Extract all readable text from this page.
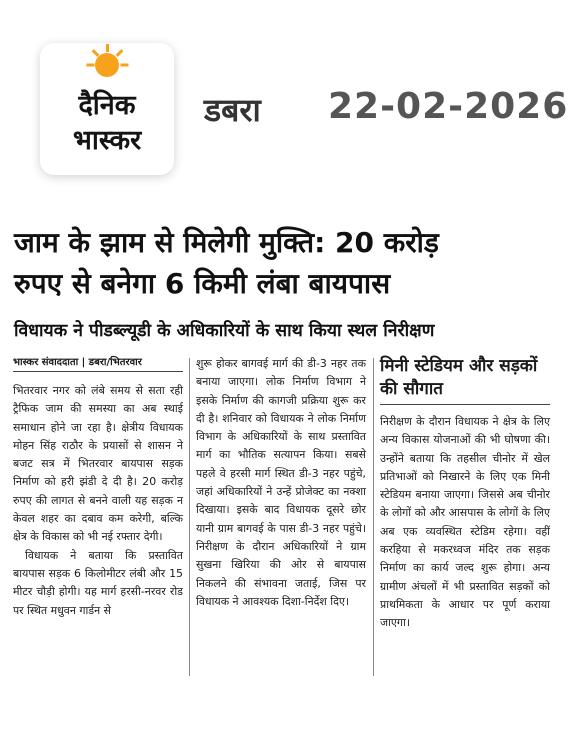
दैनिक
भास्कर
डबरा 22-02-2026
जाम के झाम से मिलेगी मुक्ति: 20 करोड़
रुपए से बनेगा 6 किमी लंबा बायपास
विधायक ने पीडब्ल्यूडी के अधिकारियों के साथ किया स्थल निरीक्षण
भास्कर संवाददाता | डबरा/भितरवार

भितरवार नगर को लंबे समय से सता रही ट्रैफिक जाम की समस्या का अब स्थाई समाधान होने जा रहा है। क्षेत्रीय विधायक मोहन सिंह राठौर के प्रयासों से शासन ने बजट सत्र में भितरवार बायपास सड़क निर्माण को हरी झंडी दे दी है। 20 करोड़ रुपए की लागत से बनने वाली यह सड़क न केवल शहर का दबाव कम करेगी, बल्कि क्षेत्र के विकास को भी नई रफ्तार देगी।

विधायक ने बताया कि प्रस्तावित बायपास सड़क 6 किलोमीटर लंबी और 15 मीटर चौड़ी होगी। यह मार्ग हरसी-नरवर रोड पर स्थित मधुवन गार्डन से

शुरू होकर बागवई मार्ग की डी-3 नहर तक बनाया जाएगा। लोक निर्माण विभाग ने इसके निर्माण की कागजी प्रक्रिया शुरू कर दी है। शनिवार को विधायक ने लोक निर्माण विभाग के अधिकारियों के साथ प्रस्तावित मार्ग का भौतिक सत्यापन किया। सबसे पहले वे हरसी मार्ग स्थित डी-3 नहर पहुंचे, जहां अधिकारियों ने उन्हें प्रोजेक्ट का नक्शा दिखाया। इसके बाद विधायक दूसरे छोर यानी ग्राम बागवई के पास डी-3 नहर पहुंचे। निरीक्षण के दौरान अधिकारियों ने ग्राम सुखना खिरिया की ओर से बायपास निकलने की संभावना जताई, जिस पर विधायक ने आवश्यक दिशा-निर्देश दिए।

मिनी स्टेडियम और सड़कों की सौगात

निरीक्षण के दौरान विधायक ने क्षेत्र के लिए अन्य विकास योजनाओं की भी घोषणा की। उन्होंने बताया कि तहसील चीनोर में खेल प्रतिभाओं को निखारने के लिए एक मिनी स्टेडियम बनाया जाएगा। जिससे अब चीनोर के लोगों को और आसपास के लोगों के लिए अब एक व्यवस्थित स्टेडिम रहेगा। वहीं करहिया से मकरध्वज मंदिर तक सड़क निर्माण का कार्य जल्द शुरू होगा। अन्य ग्रामीण अंचलों में भी प्रस्तावित सड़कों को प्राथमिकता के आधार पर पूर्ण कराया जाएगा।
